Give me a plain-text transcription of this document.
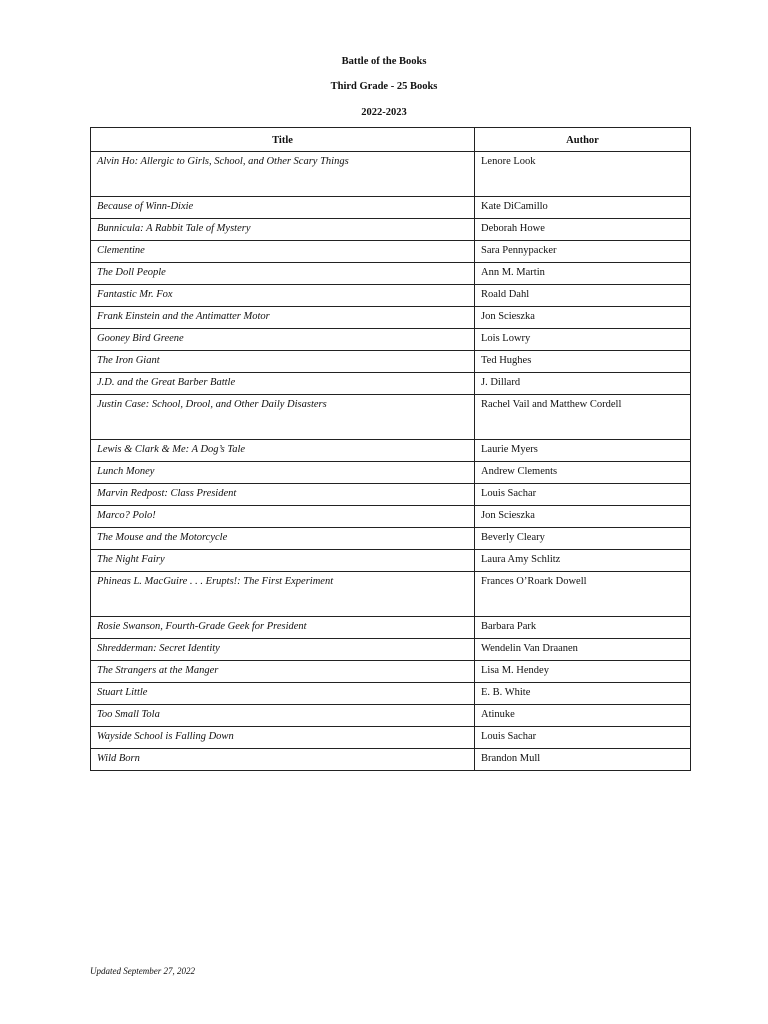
Battle of the Books
Third Grade - 25 Books
2022-2023
Title	Author
Alvin Ho: Allergic to Girls, School, and Other Scary Things	Lenore Look
Because of Winn-Dixie	Kate DiCamillo
Bunnicula: A Rabbit Tale of Mystery	Deborah Howe
Clementine	Sara Pennypacker
The Doll People	Ann M. Martin
Fantastic Mr. Fox	Roald Dahl
Frank Einstein and the Antimatter Motor	Jon Scieszka
Gooney Bird Greene	Lois Lowry
The Iron Giant	Ted Hughes
J.D. and the Great Barber Battle	J. Dillard
Justin Case: School, Drool, and Other Daily Disasters	Rachel Vail and Matthew Cordell
Lewis & Clark & Me: A Dog’s Tale	Laurie Myers
Lunch Money	Andrew Clements
Marvin Redpost: Class President	Louis Sachar
Marco? Polo!	Jon Scieszka
The Mouse and the Motorcycle	Beverly Cleary
The Night Fairy	Laura Amy Schlitz
Phineas L. MacGuire . . . Erupts!: The First Experiment	Frances O’Roark Dowell
Rosie Swanson, Fourth-Grade Geek for President	Barbara Park
Shredderman: Secret Identity	Wendelin Van Draanen
The Strangers at the Manger	Lisa M. Hendey
Stuart Little	E. B. White
Too Small Tola	Atinuke
Wayside School is Falling Down	Louis Sachar
Wild Born	Brandon Mull
Updated September 27, 2022
